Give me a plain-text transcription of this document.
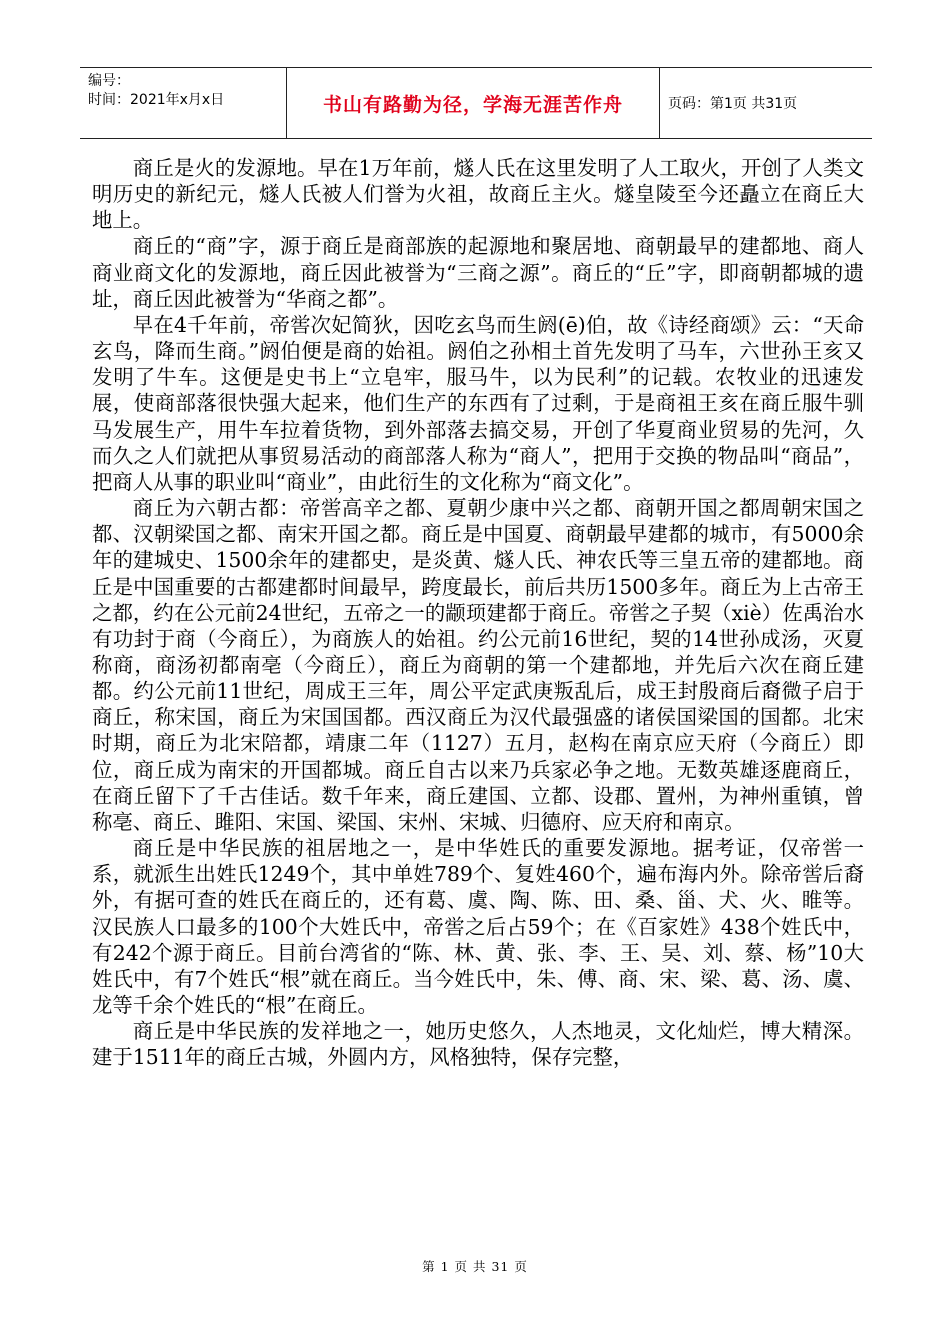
编号：
时间：2021年x月x日	书山有路勤为径，学海无涯苦作舟	页码：第1页 共31页

商丘是火的发源地。早在1万年前，燧人氏在这里发明了人工取火，开创了人类文明历史的新纪元，燧人氏被人们誉为火祖，故商丘主火。燧皇陵至今还矗立在商丘大地上。

商丘的“商”字，源于商丘是商部族的起源地和聚居地、商朝最早的建都地、商人商业商文化的发源地，商丘因此被誉为“三商之源”。商丘的“丘”字，即商朝都城的遗址，商丘因此被誉为“华商之都”。

早在4千年前，帝喾次妃简狄，因吃玄鸟而生阏(ē)伯，故《诗经商颂》云：“天命玄鸟，降而生商。”阏伯便是商的始祖。阏伯之孙相土首先发明了马车，六世孙王亥又发明了牛车。这便是史书上“立皂牢，服马牛，以为民利”的记载。农牧业的迅速发展，使商部落很快强大起来，他们生产的东西有了过剩，于是商祖王亥在商丘服牛驯马发展生产，用牛车拉着货物，到外部落去搞交易，开创了华夏商业贸易的先河，久而久之人们就把从事贸易活动的商部落人称为“商人”，把用于交换的物品叫“商品”，把商人从事的职业叫“商业”，由此衍生的文化称为“商文化”。

商丘为六朝古都：帝喾高辛之都、夏朝少康中兴之都、商朝开国之都周朝宋国之都、汉朝梁国之都、南宋开国之都。商丘是中国夏、商朝最早建都的城市，有5000余年的建城史、1500余年的建都史，是炎黄、燧人氏、神农氏等三皇五帝的建都地。商丘是中国重要的古都建都时间最早，跨度最长，前后共历1500多年。商丘为上古帝王之都，约在公元前24世纪，五帝之一的颛顼建都于商丘。帝喾之子契（xiè）佐禹治水有功封于商（今商丘），为商族人的始祖。约公元前16世纪，契的14世孙成汤，灭夏称商，商汤初都南亳（今商丘），商丘为商朝的第一个建都地，并先后六次在商丘建都。约公元前11世纪，周成王三年，周公平定武庚叛乱后，成王封殷商后裔微子启于商丘，称宋国，商丘为宋国国都。西汉商丘为汉代最强盛的诸侯国梁国的国都。北宋时期，商丘为北宋陪都，靖康二年（1127）五月，赵构在南京应天府（今商丘）即位，商丘成为南宋的开国都城。商丘自古以来乃兵家必争之地。无数英雄逐鹿商丘，在商丘留下了千古佳话。数千年来，商丘建国、立都、设郡、置州，为神州重镇，曾称亳、商丘、雎阳、宋国、梁国、宋州、宋城、归德府、应天府和南京。

商丘是中华民族的祖居地之一，是中华姓氏的重要发源地。据考证，仅帝喾一系，就派生出姓氏1249个，其中单姓789个、复姓460个，遍布海内外。除帝喾后裔外，有据可查的姓氏在商丘的，还有葛、虞、陶、陈、田、桑、甾、犬、火、睢等。汉民族人口最多的100个大姓氏中，帝喾之后占59个；在《百家姓》438个姓氏中，有242个源于商丘。目前台湾省的“陈、林、黄、张、李、王、吴、刘、蔡、杨”10大姓氏中，有7个姓氏“根”就在商丘。当今姓氏中，朱、傅、商、宋、梁、葛、汤、虞、龙等千余个姓氏的“根”在商丘。

商丘是中华民族的发祥地之一，她历史悠久，人杰地灵，文化灿烂，博大精深。建于1511年的商丘古城，外圆内方，风格独特，保存完整，

第 1 页 共 31 页
